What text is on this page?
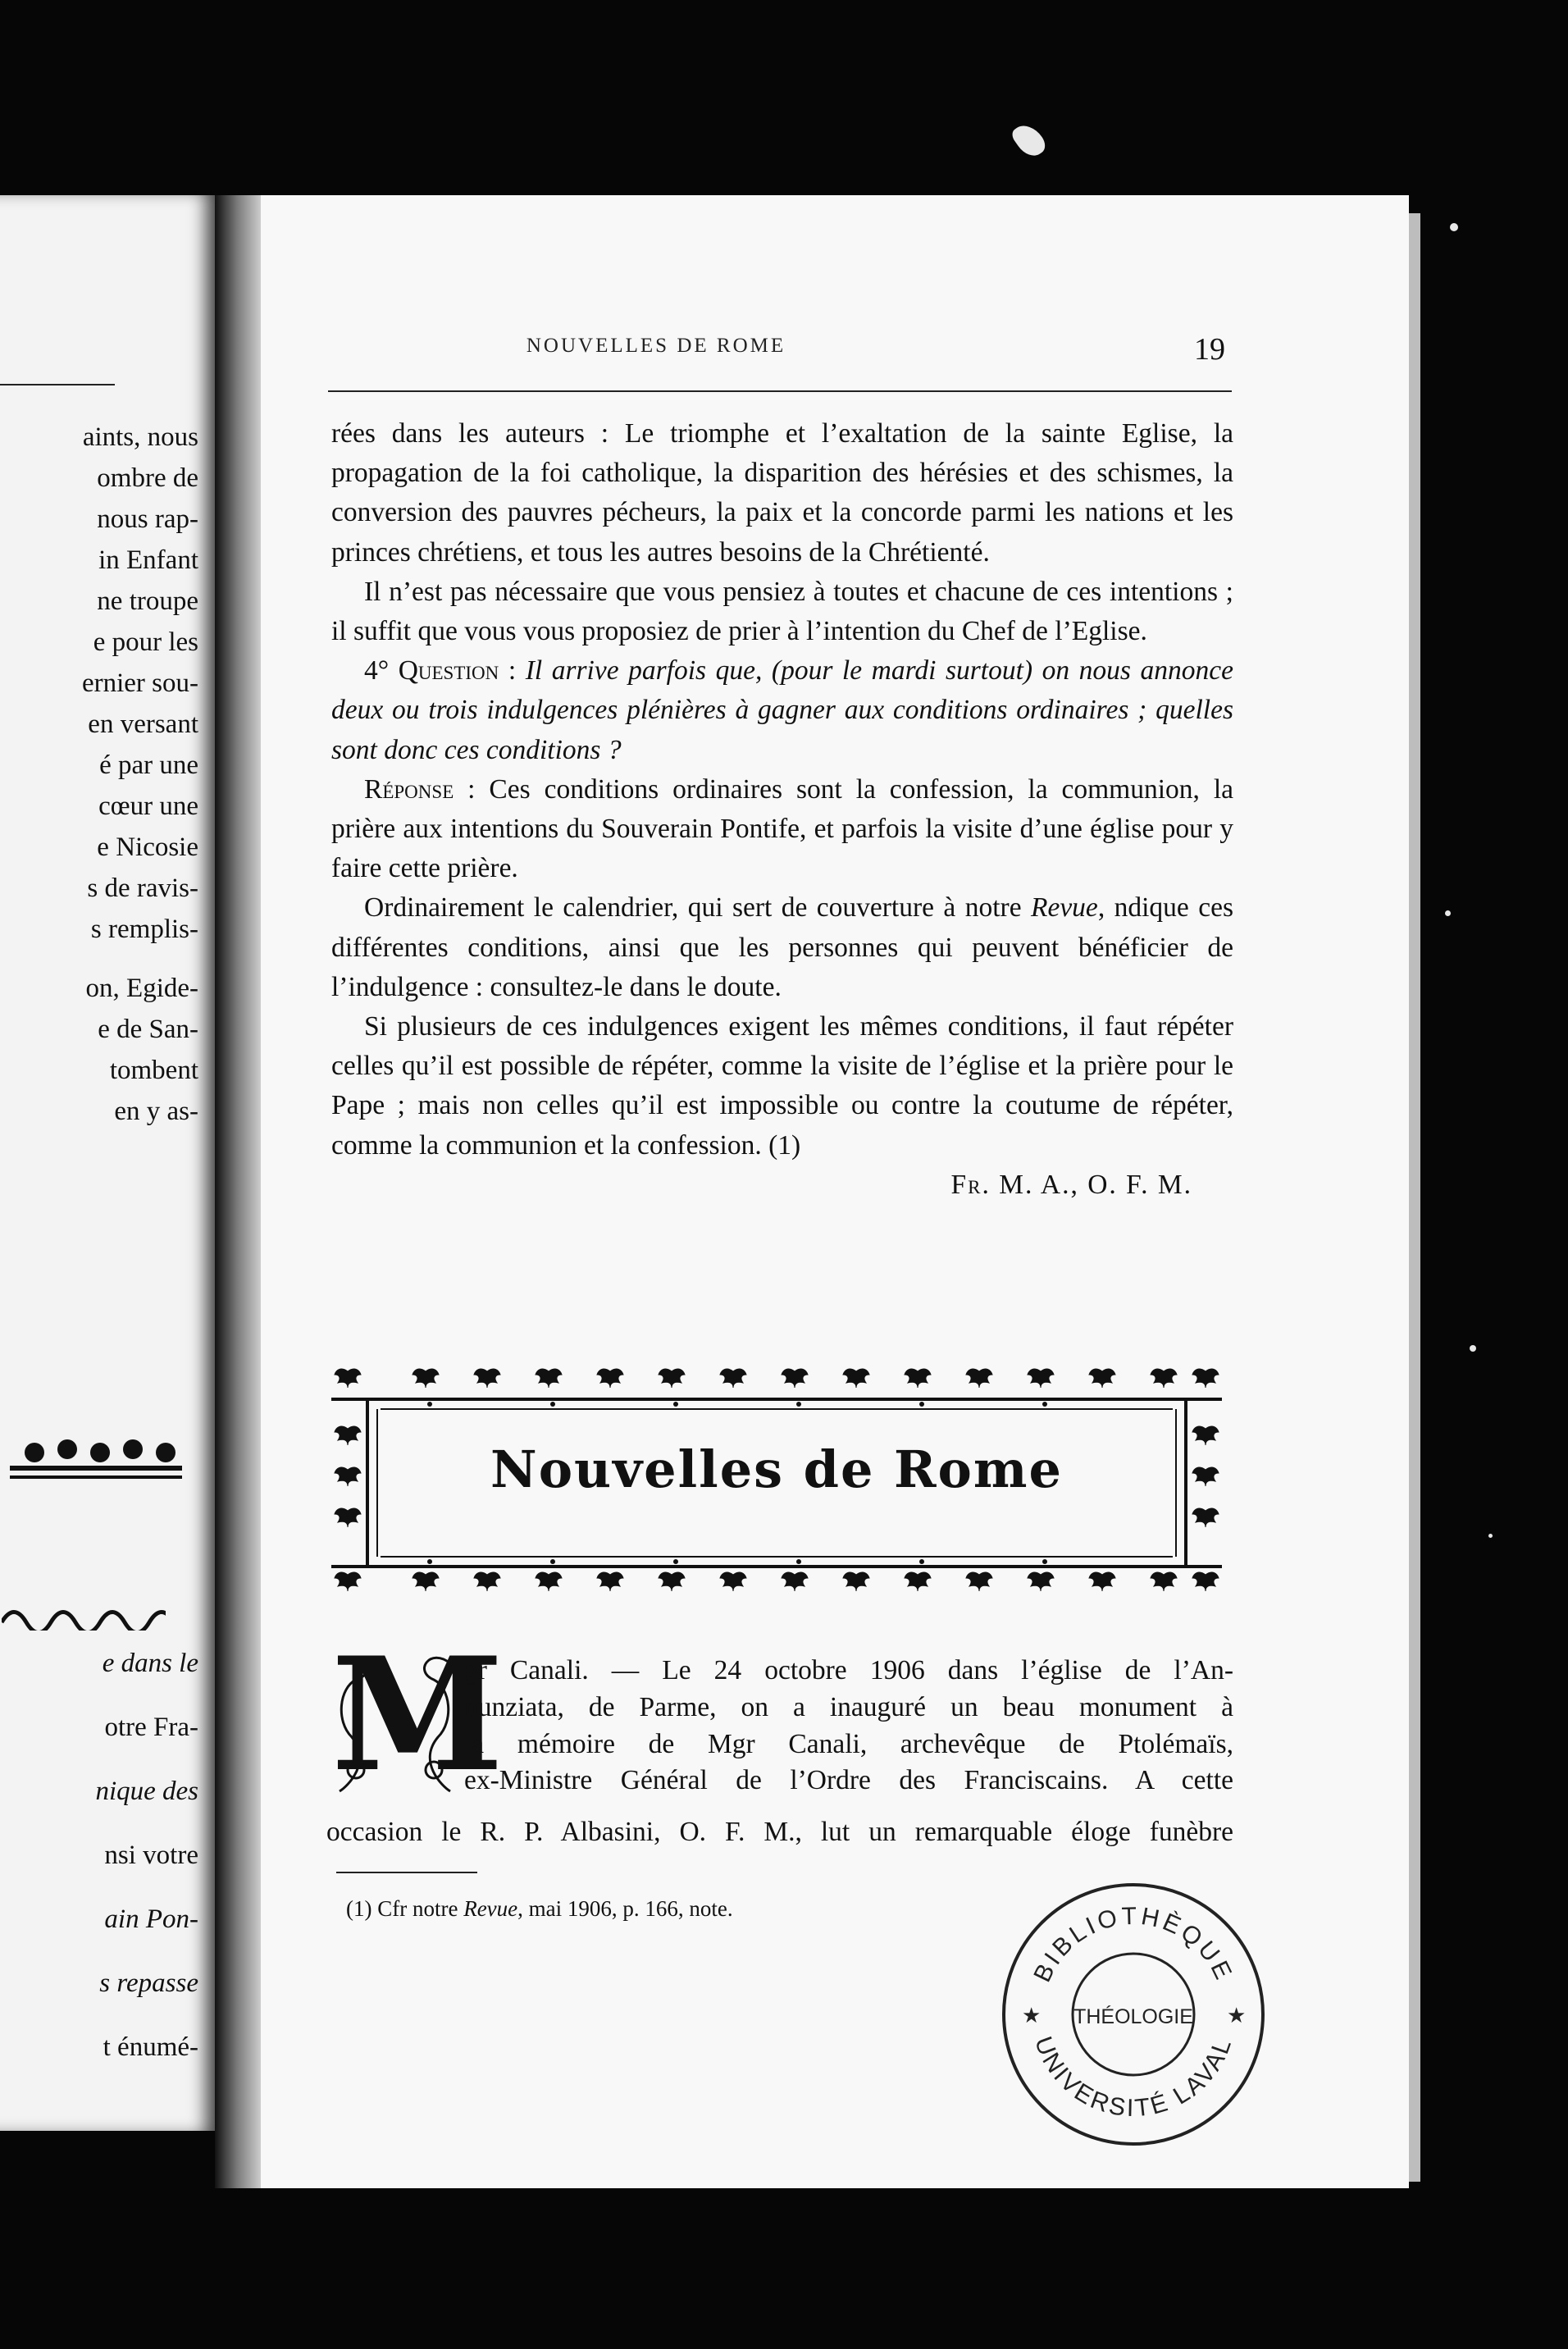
aints, nous
ombre de
nous rap-
in Enfant
ne troupe
e pour les
ernier sou-
en versant
é par une
cœur une
e Nicosie
s de ravis-
s remplis-
on, Egide-
e de San-
tombent
en y as-
e dans le
otre Fra-
nique des
nsi votre
ain Pon-
s repasse
t énumé-
NOUVELLES DE ROME	19

rées dans les auteurs : Le triomphe et l’exaltation de la sainte Eglise, la propagation de la foi catholique, la disparition des hérésies et des schismes, la conversion des pauvres pécheurs, la paix et la concorde parmi les nations et les princes chrétiens, et tous les autres besoins de la Chrétienté.

Il n’est pas nécessaire que vous pensiez à toutes et chacune de ces intentions ; il suffit que vous vous proposiez de prier à l’intention du Chef de l’Eglise.

4° Question : Il arrive parfois que, (pour le mardi surtout) on nous annonce deux ou trois indulgences plénières à gagner aux conditions ordinaires ; quelles sont donc ces conditions ?

Réponse : Ces conditions ordinaires sont la confession, la communion, la prière aux intentions du Souverain Pontife, et parfois la visite d’une église pour y faire cette prière.

Ordinairement le calendrier, qui sert de couverture à notre Revue, ndique ces différentes conditions, ainsi que les personnes qui peuvent bénéficier de l’indulgence : consultez-le dans le doute.

Si plusieurs de ces indulgences exigent les mêmes conditions, il faut répéter celles qu’il est possible de répéter, comme la visite de l’église et la prière pour le Pape ; mais non celles qu’il est impossible ou contre la coutume de répéter, comme la communion et la confession. (1)

Fr. M. A., O. F. M.

Nouvelles de Rome
M
gr Canali. — Le 24 octobre 1906 dans l’église de l’An-
nunziata, de Parme, on a inauguré un beau monument à
la mémoire de Mgr Canali, archevêque de Ptolémaïs,
ex-Ministre Général de l’Ordre des Franciscains. A cette
occasion le R. P. Albasini, O. F. M., lut un remarquable éloge funèbre
(1) Cfr notre Revue, mai 1906, p. 166, note.
BIBLIOTHÈQUE
UNIVERSITÉ LAVAL
THÉOLOGIE
★	★
